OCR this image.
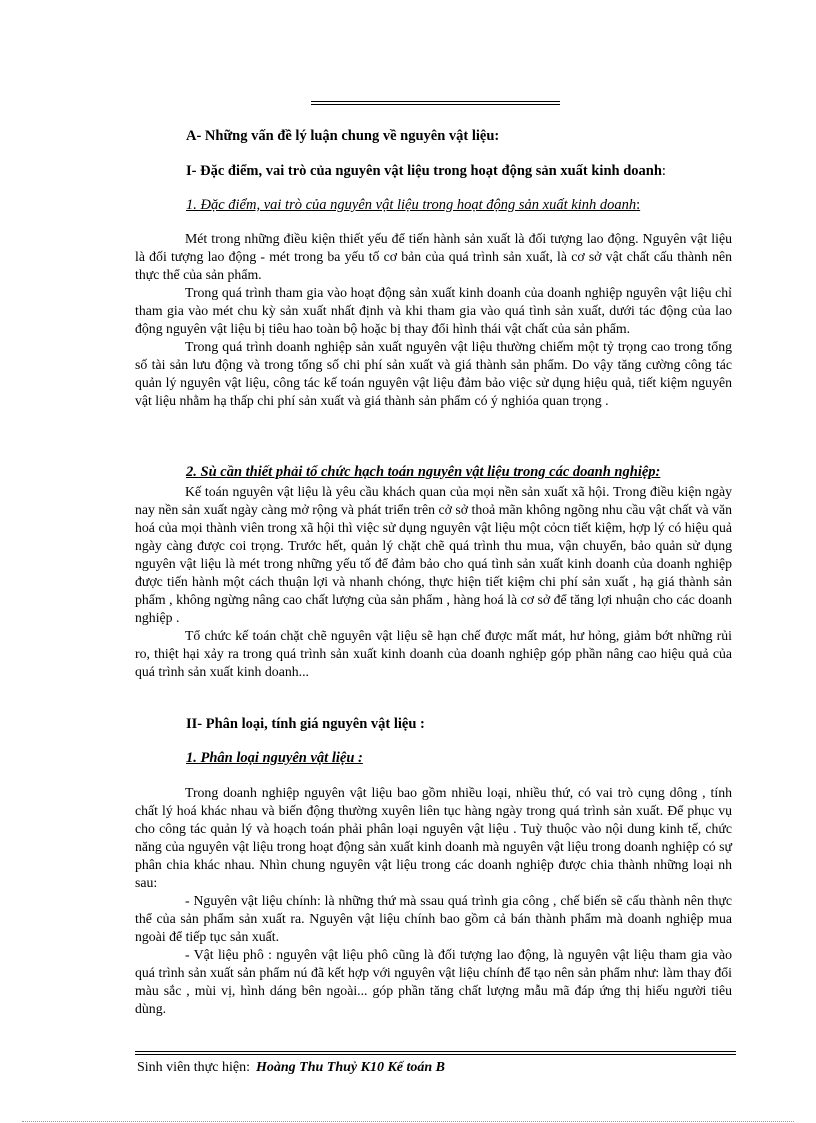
A- Những vấn đề lý luận chung về nguyên vật liệu:
I- Đặc điểm, vai trò của nguyên vật liệu trong hoạt động sản xuất kinh doanh:
1. Đặc điểm, vai trò của nguyên vật liệu trong hoạt động sản xuất kinh doanh:

Mét trong những điều kiện thiết yếu để tiến hành sản xuất là đối tượng lao động. Nguyên vật liệu là đối tượng lao động - mét trong ba yếu tố cơ bản của quá trình sản xuất, là cơ sở vật chất cấu thành nên thực thể của sản phẩm.

Trong quá trình tham gia vào hoạt động sản xuất kinh doanh của doanh nghiệp nguyên vật liệu chỉ tham gia vào mét chu kỳ sản xuất nhất định và khi tham gia vào quá tình sản xuất, dưới tác động của lao động nguyên vật liệu bị tiêu hao toàn bộ hoặc bị thay đổi hình thái vật chất của sản phẩm.

Trong quá trình doanh nghiệp sản xuất nguyên vật liệu thường chiếm một tỷ trọng cao trong tổng số tài sản lưu động và trong tổng số chi phí sản xuất và giá thành sản phẩm. Do vậy tăng cường công tác quản lý nguyên vật liệu, công tác kế toán nguyên vật liệu đảm bảo việc sử dụng hiệu quả, tiết kiệm nguyên vật liệu nhằm hạ thấp chi phí sản xuất và giá thành sản phẩm có ý nghióa quan trọng .

2. Sù cần thiết phải tổ chức hạch toán nguyên vật liệu trong các doanh nghiệp:

Kế toán nguyên vật liệu là yêu cầu khách quan của mọi nền sản xuất xã hội. Trong điều kiện ngày nay nền sản xuất ngày càng mở rộng và phát triển trên cở sở thoả mãn không ngõng nhu cầu vật chất và văn hoá của mọi thành viên trong xã hội thì việc sử dụng nguyên vật liệu một cỏcn tiết kiệm, hợp lý có hiệu quả ngày càng được coi trọng. Trước hết, quản lý chặt chẽ quá trình thu mua, vận chuyển, bảo quản sử dụng nguyên vật liệu là mét trong những yếu tố để đảm bảo cho quá tình sản xuất kinh doanh của doanh nghiệp được tiến hành một cách thuận lợi và nhanh chóng, thực hiện tiết kiệm chi phí sản xuất , hạ giá thành sản phẩm , không ngừng nâng cao chất lượng của sản phẩm , hàng hoá là cơ sở để tăng lợi nhuận cho các doanh nghiệp .

Tổ chức kế toán chặt chẽ nguyên vật liệu sẽ hạn chế được mất mát, hư hỏng, giảm bớt những rủi ro, thiệt hại xảy ra trong quá trình sản xuất kinh doanh của doanh nghiệp góp phần nâng cao hiệu quả của quá trình sản xuất kinh doanh...

II- Phân loại, tính giá nguyên vật liệu :
1. Phân loại nguyên vật liệu :

Trong doanh nghiệp nguyên vật liệu bao gồm nhiều loại, nhiều thứ, có vai trò cụng dông , tính chất lý hoá khác nhau và biến động thường xuyên liên tục hàng ngày trong quá trình sản xuất. Để phục vụ cho công tác quản lý và hoạch toán phải phân loại nguyên vật liệu . Tuỳ thuộc vào nội dung kinh tế, chức năng của nguyên vật liệu trong hoạt động sản xuất kinh doanh mà nguyên vật liệu trong doanh nghiệp có sự phân chia khác nhau. Nhìn chung nguyên vật liệu trong các doanh nghiệp được chia thành những loại nh sau:

- Nguyên vật liệu chính: là những thứ mà ssau quá trình gia công , chế biến sẽ cấu thành nên thực thể của sản phẩm sản xuất ra. Nguyên vật liệu chính bao gồm cả bán thành phẩm mà doanh nghiệp mua ngoài để tiếp tục sản xuất.

- Vật liệu phô : nguyên vật liệu phô cũng là đối tượng lao động, là nguyên vật liệu tham gia vào quá trình sản xuất sản phẩm nú đã kết hợp với nguyên vật liệu chính để tạo nên sản phẩm như: làm thay đổi màu sắc , mùi vị, hình dáng bên ngoài... góp phần tăng chất lượng mẫu mã đáp ứng thị hiếu người tiêu dùng.

Sinh viên thực hiện: Hoàng Thu Thuỷ K10 Kế toán B
